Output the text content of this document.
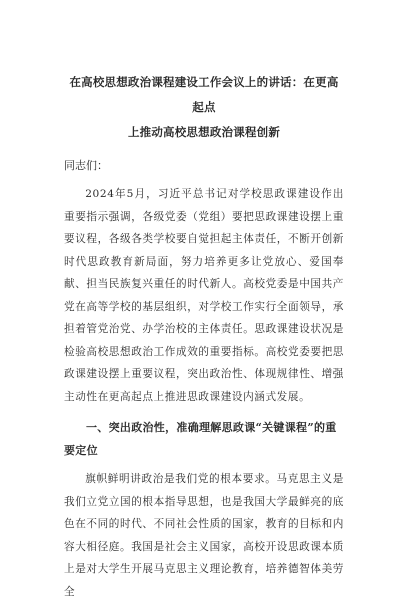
在高校思想政治课程建设工作会议上的讲话：在更高起点
上推动高校思想政治课程创新

同志们：

2024年5月，习近平总书记对学校思政课建设作出重要指示强调，各级党委（党组）要把思政课建设摆上重要议程，各级各类学校要自觉担起主体责任，不断开创新时代思政教育新局面，努力培养更多让党放心、爱国奉献、担当民族复兴重任的时代新人。高校党委是中国共产党在高等学校的基层组织，对学校工作实行全面领导，承担着管党治党、办学治校的主体责任。思政课建设状况是检验高校思想政治工作成效的重要指标。高校党委要把思政课建设摆上重要议程，突出政治性、体现规律性、增强主动性在更高起点上推进思政课建设内涵式发展。

一、突出政治性，准确理解思政课“关键课程”的重要定位

旗帜鲜明讲政治是我们党的根本要求。马克思主义是我们立党立国的根本指导思想，也是我国大学最鲜亮的底色在不同的时代、不同社会性质的国家，教育的目标和内容大相径庭。我国是社会主义国家，高校开设思政课本质上是对大学生开展马克思主义理论教育，培养德智体美劳全
